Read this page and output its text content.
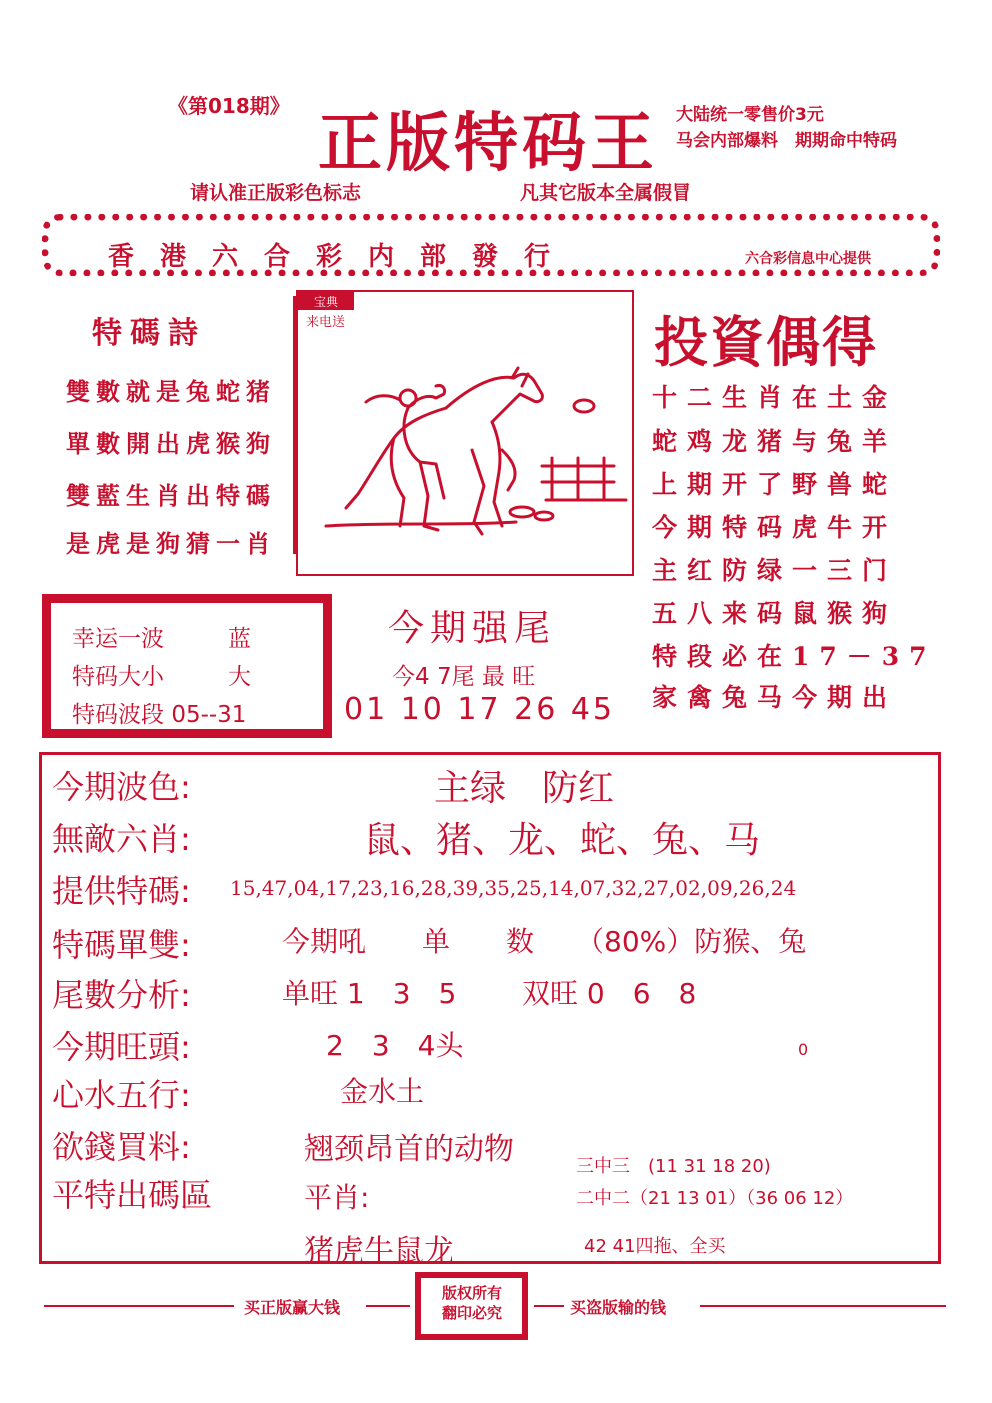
《第018期》 正版特码王 大陆统一零售价3元
马会内部爆料　期期命中特码
请认准正版彩色标志	凡其它版本全属假冒
香港六合彩内部發行	六合彩信息中心提供
特碼詩
雙數就是兔蛇猪
單數開出虎猴狗
雙藍生肖出特碼
是虎是狗猜一肖
宝典
来电送	投資偶得
十二生肖在土金
蛇鸡龙猪与兔羊
上期开了野兽蛇
今期特码虎牛开
主红防绿一三门
五八来码鼠猴狗
特段必在17－37
家禽兔马今期出
幸运一波	蓝
特码大小	大
特码波段 05--31
今期强尾
今4 7尾 最 旺
01 10 17 26 45
今期波色:	主绿　防红
無敵六肖:	鼠、猪、龙、蛇、兔、马
提供特碼: 15,47,04,17,23,16,28,39,35,25,14,07,32,27,02,09,26,24
特碼單雙:	今期吼　　单　　数　　（80%）防猴、兔
尾數分析:	单旺 1　3　5 双旺 0　6　8
今期旺頭:	2　3　4头	0
心水五行:	金水土
欲錢買料:	翘颈昂首的动物
平特出碼區	平肖:
猪虎牛鼠龙
三中三　(11 31 18 20)
二中二（21 13 01）（36 06 12）
42 41四拖、全买
买正版赢大钱
版权所有
翻印必究	买盗版输的钱
